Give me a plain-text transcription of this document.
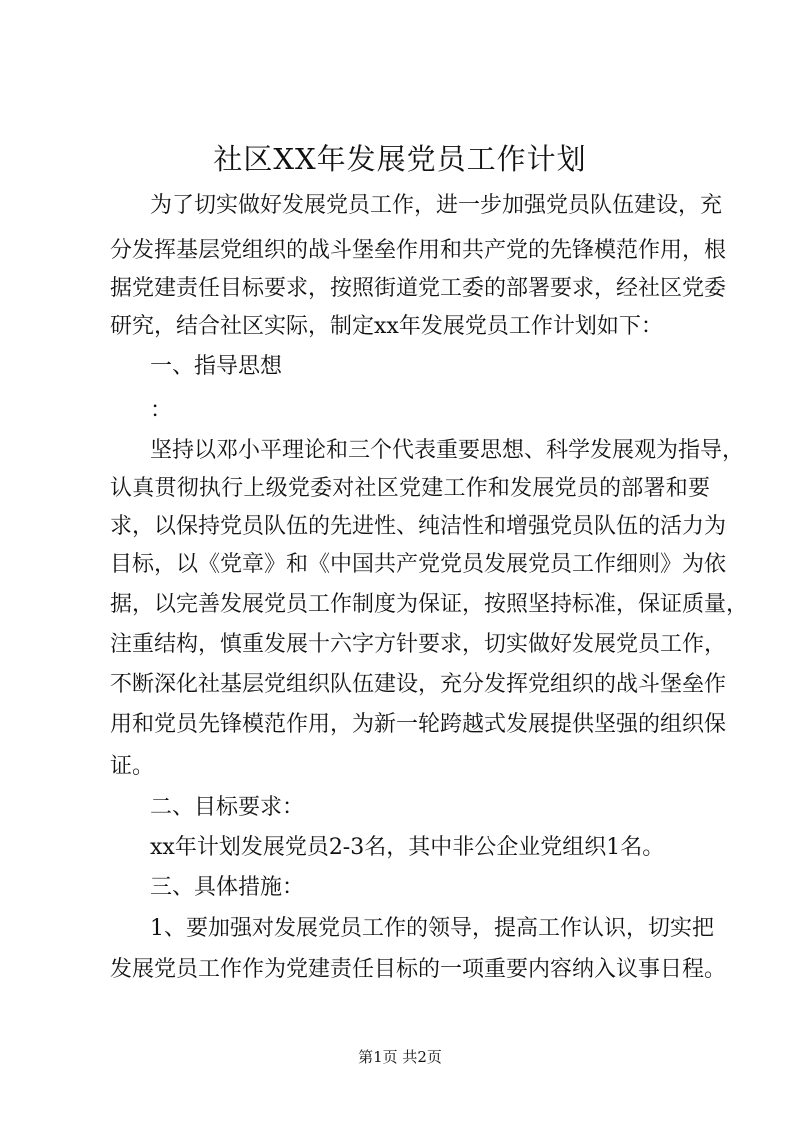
社区XX年发展党员工作计划
为了切实做好发展党员工作，进一步加强党员队伍建设，充
分发挥基层党组织的战斗堡垒作用和共产党的先锋模范作用，根
据党建责任目标要求，按照街道党工委的部署要求，经社区党委
研究，结合社区实际，制定xx年发展党员工作计划如下：
一、指导思想
：
坚持以邓小平理论和三个代表重要思想、科学发展观为指导，
认真贯彻执行上级党委对社区党建工作和发展党员的部署和要
求，以保持党员队伍的先进性、纯洁性和增强党员队伍的活力为
目标，以《党章》和《中国共产党党员发展党员工作细则》为依
据，以完善发展党员工作制度为保证，按照坚持标准，保证质量，
注重结构，慎重发展十六字方针要求，切实做好发展党员工作，
不断深化社基层党组织队伍建设，充分发挥党组织的战斗堡垒作
用和党员先锋模范作用，为新一轮跨越式发展提供坚强的组织保
证。
二、目标要求：
xx年计划发展党员2-3名，其中非公企业党组织1名。
三、具体措施：
1、要加强对发展党员工作的领导，提高工作认识，切实把
发展党员工作作为党建责任目标的一项重要内容纳入议事日程。
第1页 共2页
